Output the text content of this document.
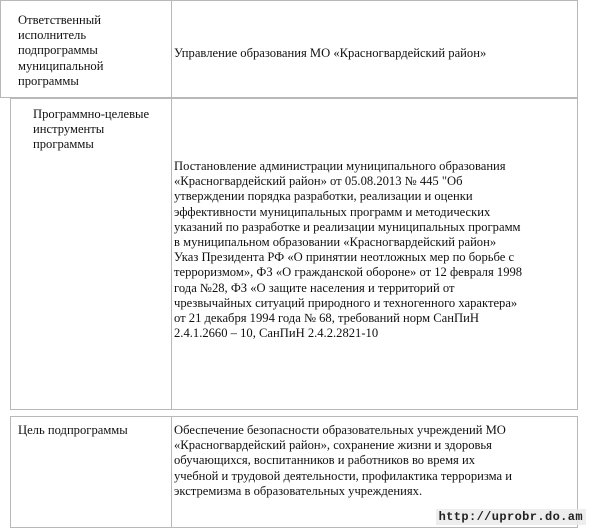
Ответственный
исполнитель
подпрограммы
муниципальной
программы

Управление образования МО «Красногвардейский район»

Программно-целевые
инструменты
программы

Постановление администрации муниципального образования
«Красногвардейский район» от 05.08.2013 № 445 "Об
утверждении порядка разработки, реализации и оценки
эффективности муниципальных программ и методических
указаний по разработке и реализации муниципальных программ
в муниципальном образовании «Красногвардейский район»
Указ Президента РФ «О принятии неотложных мер по борьбе с
терроризмом», ФЗ «О гражданской обороне» от 12 февраля 1998
года №28, ФЗ «О защите населения и территорий от
чрезвычайных ситуаций природного и техногенного характера»
от 21 декабря 1994 года № 68, требований норм СанПиН
2.4.1.2660 – 10, СанПиН 2.4.2.2821-10

Цель подпрограммы	Обеспечение безопасности образовательных учреждений МО
«Красногвардейский район», сохранение жизни и здоровья
обучающихся, воспитанников и работников во время их
учебной и трудовой деятельности, профилактика терроризма и
экстремизма в образовательных учреждениях.

http://uprobr.do.am
